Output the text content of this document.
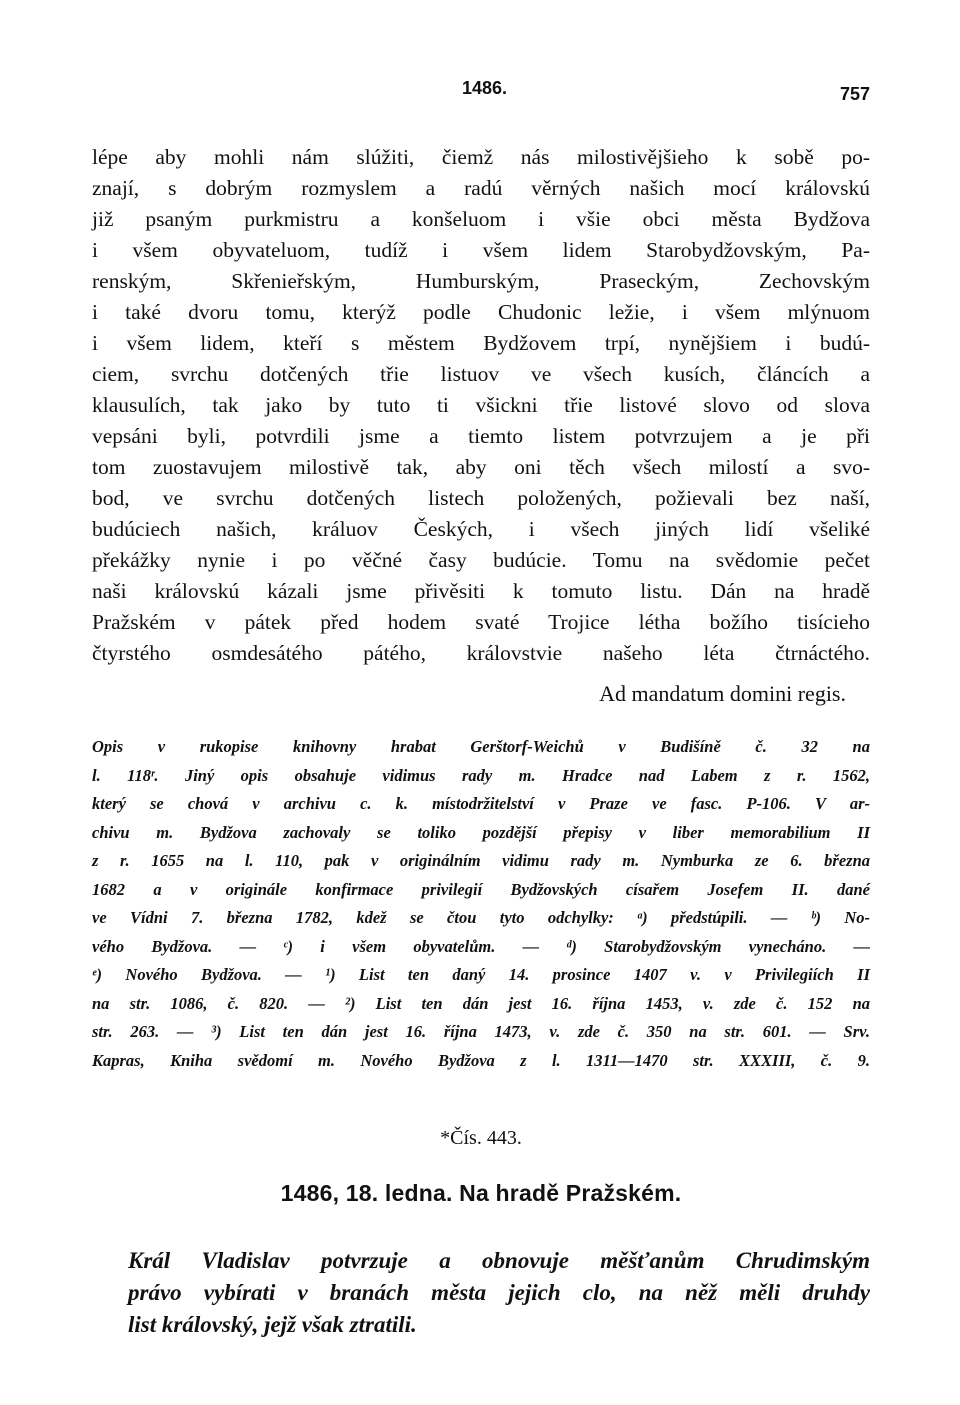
1486.	757
lépe aby mohli nám slúžiti, čiemž nás milostivějšieho k sobě po-
znají, s dobrým rozmyslem a radú věrných našich mocí královskú
již psaným purkmistru a konšeluom i všie obci města Bydžova
i všem obyvateluom, tudíž i všem lidem Starobydžovským, Pa-
renským, Skřenieřským, Humburským, Praseckým, Zechovským
i také dvoru tomu, kterýž podle Chudonic ležie, i všem mlýnuom
i všem lidem, kteří s městem Bydžovem trpí, nynějšiem i budú-
ciem, svrchu dotčených třie listuov ve všech kusích, článcích a
klausulích, tak jako by tuto ti všickni třie listové slovo od slova
vepsáni byli, potvrdili jsme a tiemto listem potvrzujem a je při
tom zuostavujem milostivě tak, aby oni těch všech milostí a svo-
bod, ve svrchu dotčených listech položených, požievali bez naší,
budúciech našich, králuov Českých, i všech jiných lidí všeliké
překážky nynie i po věčné časy budúcie. Tomu na svědomie pečet
naši královskú kázali jsme přivěsiti k tomuto listu. Dán na hradě
Pražském v pátek před hodem svaté Trojice létha božího tisícieho
čtyrstého osmdesátého pátého, královstvie našeho léta čtrnáctého.
Ad mandatum domini regis.
Opis v rukopise knihovny hrabat Gerštorf-Weichů v Budišíně č. 32 na
l. 118ʳ. Jiný opis obsahuje vidimus rady m. Hradce nad Labem z r. 1562,
který se chová v archivu c. k. místodržitelství v Praze ve fasc. P-106. V ar-
chivu m. Bydžova zachovaly se toliko pozdější přepisy v liber memorabilium II
z r. 1655 na l. 110, pak v originálním vidimu rady m. Nymburka ze 6. března
1682 a v originále konfirmace privilegií Bydžovských císařem Josefem II. dané
ve Vídni 7. března 1782, kdež se čtou tyto odchylky: ᵃ) předstúpili. — ᵇ) No-
vého Bydžova. — ᶜ) i všem obyvatelům. — ᵈ) Starobydžovským vynecháno. —
ᵉ) Nového Bydžova. — ¹) List ten daný 14. prosince 1407 v. v Privilegiích II
na str. 1086, č. 820. — ²) List ten dán jest 16. října 1453, v. zde č. 152 na
str. 263. — ³) List ten dán jest 16. října 1473, v. zde č. 350 na str. 601. — Srv.
Kapras, Kniha svědomí m. Nového Bydžova z l. 1311—1470 str. XXXIII, č. 9.
*Čís. 443.
1486, 18. ledna. Na hradě Pražském.
Král Vladislav potvrzuje a obnovuje měšťanům Chrudimským
právo vybírati v branách města jejich clo, na něž měli druhdy
list královský, jejž však ztratili.
